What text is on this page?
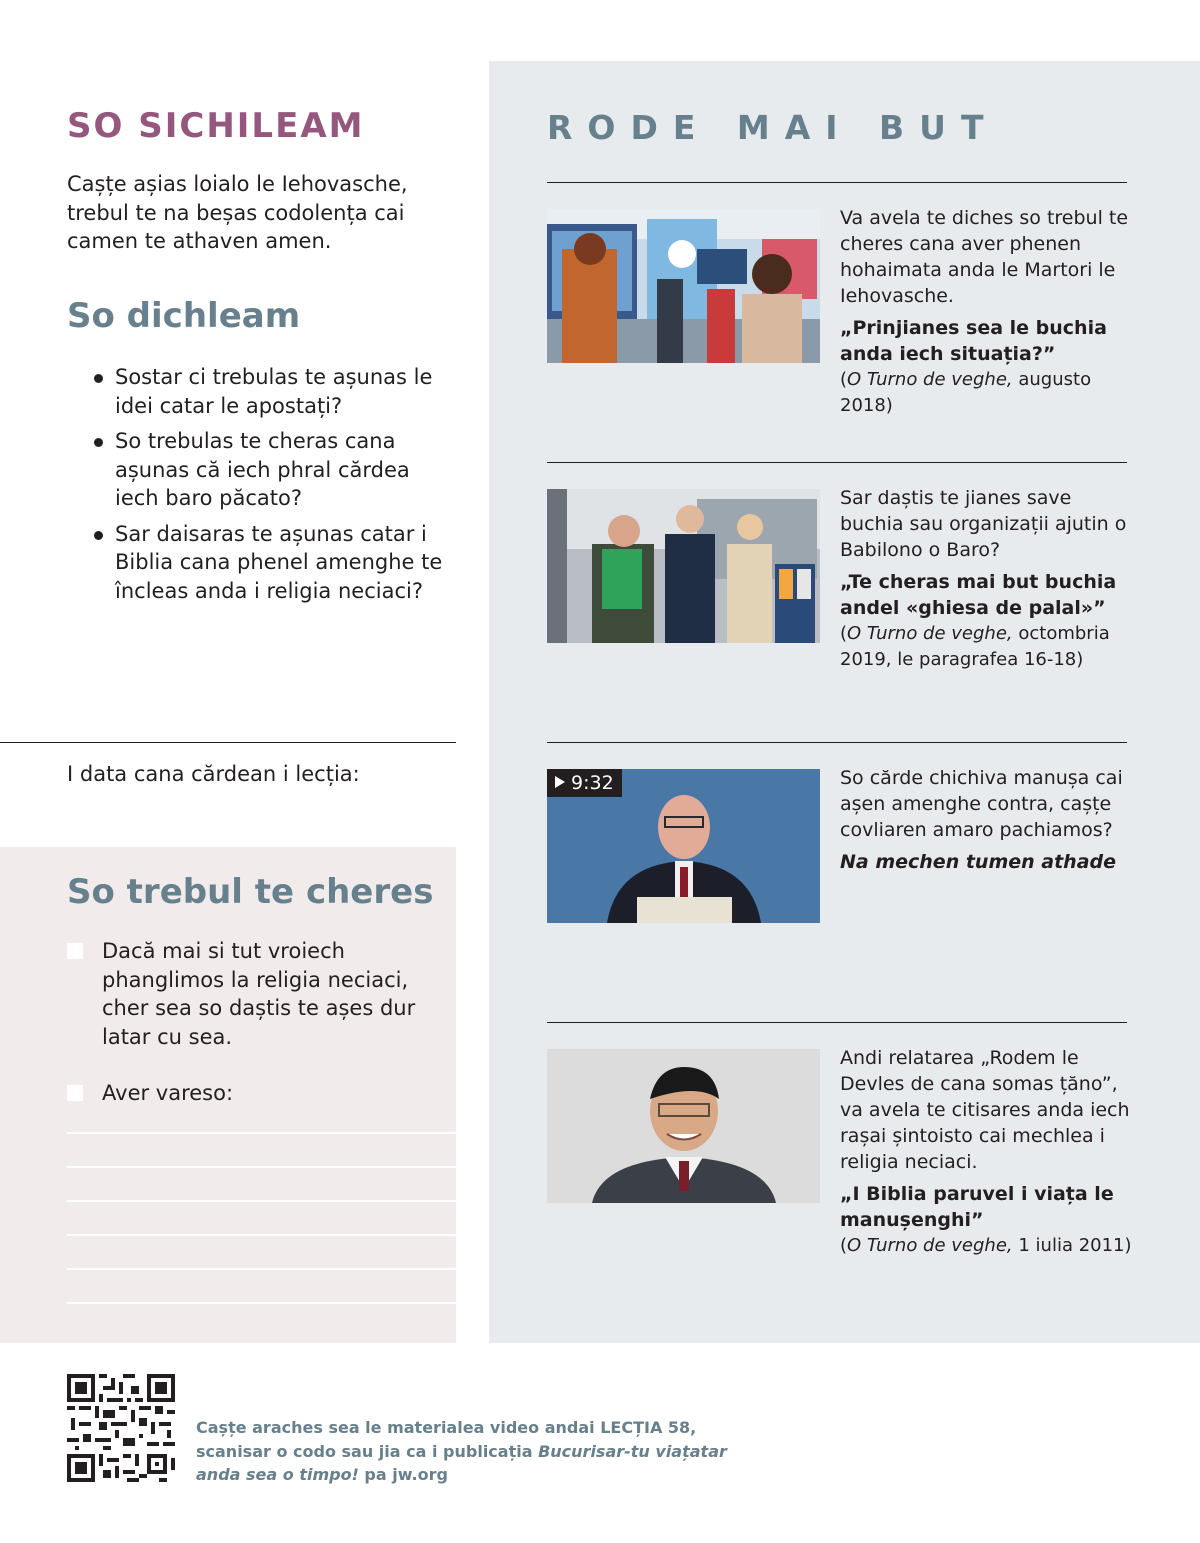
RODE MAI BUT
Va avela te diches so trebul te cheres cana aver phenen hohaimata anda le Martori le Iehovasche.
„Prinjianes sea le buchia anda iech situația?”
(O Turno de veghe, augusto 2018)
Sar daștis te jianes save buchia sau organizații ajutin o Babilono o Baro?
„Te cheras mai but buchia andel «ghiesa de palal»”
(O Turno de veghe, octombria 2019, le paragrafea 16-18)
9:32	So cărde chichiva manușa cai așen amenghe contra, cașțe covliaren amaro pachiamos?
Na mechen tumen athade
Andi relatarea „Rodem le Devles de cana somas țăno”, va avela te citisares anda iech rașai șintoisto cai mechlea i religia neciaci.
„I Biblia paruvel i viața le manușenghi”
(O Turno de veghe, 1 iulia 2011)
SO SICHILEAM
Cașțe așias loialo le Iehovasche, trebul te na beșas codolența cai camen te athaven amen.
So dichleam
Sostar ci trebulas te așunas le idei catar le apostați?
So trebulas te cheras cana așunas că iech phral cărdea iech baro păcato?
Sar daisaras te așunas catar i Biblia cana phenel amenghe te încleas anda i religia neciaci?
I data cana cărdean i lecția:
So trebul te cheres
Dacă mai si tut vroiech phanglimos la religia neciaci, cher sea so daștis te așes dur latar cu sea.
Aver vareso:
Cașțe araches sea le materialea video andai LECȚIA 58, scanisar o codo sau jia ca i publicația Bucurisar-tu viațatar anda sea o timpo! pa jw.org
